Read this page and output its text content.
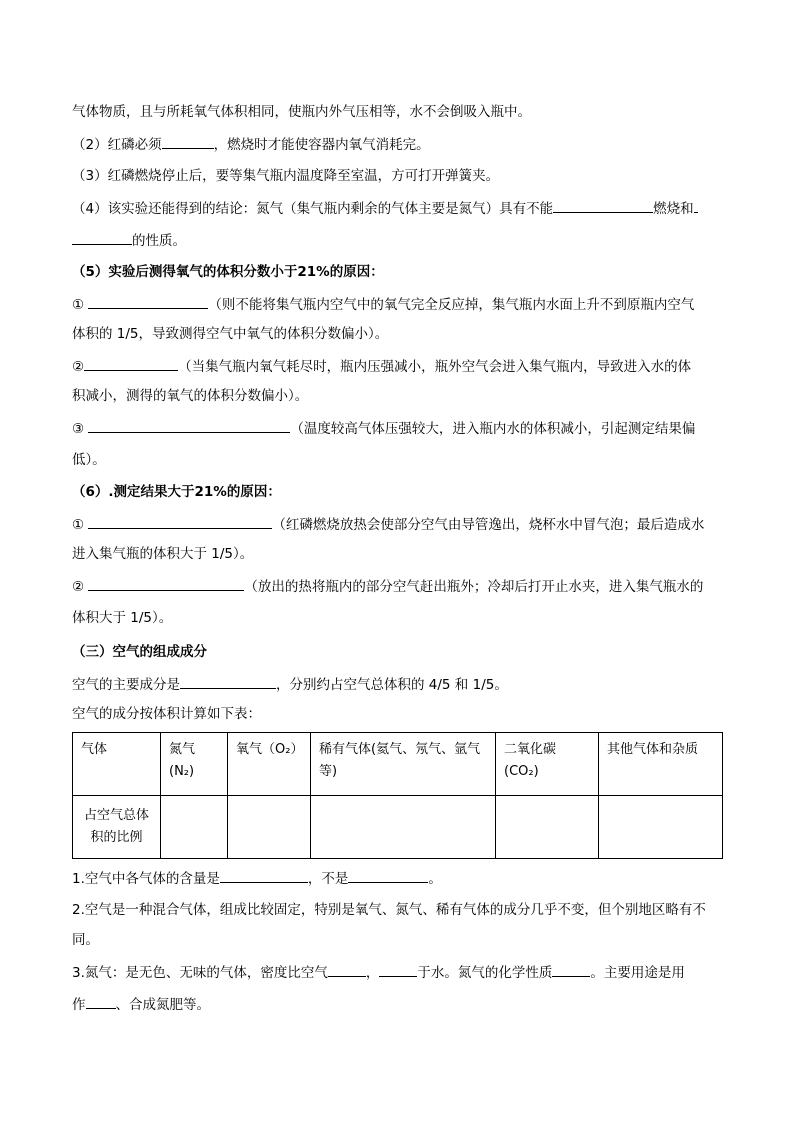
气体物质，且与所耗氧气体积相同，使瓶内外气压相等，水不会倒吸入瓶中。
（2）红磷必须	，燃烧时才能使容器内氧气消耗完。
（3）红磷燃烧停止后，要等集气瓶内温度降至室温，方可打开弹簧夹。
（4）该实验还能得到的结论：氮气（集气瓶内剩余的气体主要是氮气）具有不能	燃烧和
的性质。
（5）实验后测得氧气的体积分数小于21%的原因：
①	（则不能将集气瓶内空气中的氧气完全反应掉，集气瓶内水面上升不到原瓶内空气
体积的 1/5，导致测得空气中氧气的体积分数偏小）。
②	（当集气瓶内氧气耗尽时，瓶内压强减小，瓶外空气会进入集气瓶内，导致进入水的体
积减小，测得的氧气的体积分数偏小）。
③	（温度较高气体压强较大，进入瓶内水的体积减小，引起测定结果偏
低）。
（6）.测定结果大于21%的原因：
①	（红磷燃烧放热会使部分空气由导管逸出，烧杯水中冒气泡；最后造成水
进入集气瓶的体积大于 1/5）。
②	（放出的热将瓶内的部分空气赶出瓶外；冷却后打开止水夹，进入集气瓶水的
体积大于 1/5）。
（三）空气的组成成分
空气的主要成分是	，分别约占空气总体积的 4/5 和 1/5。
空气的成分按体积计算如下表：
气体	氮气(N₂)	氧气（O₂）	稀有气体(氦气、氖气、氩气等)	二氧化碳(CO₂)	其他气体和杂质
占空气总体积的比例					
1.空气中各气体的含量是	，不是	。
2.空气是一种混合气体，组成比较固定，特别是氧气、氮气、稀有气体的成分几乎不变，但个别地区略有不
同。
3.氮气：是无色、无味的气体，密度比空气	，	于水。氮气的化学性质	。主要用途是用
作 、合成氮肥等。
